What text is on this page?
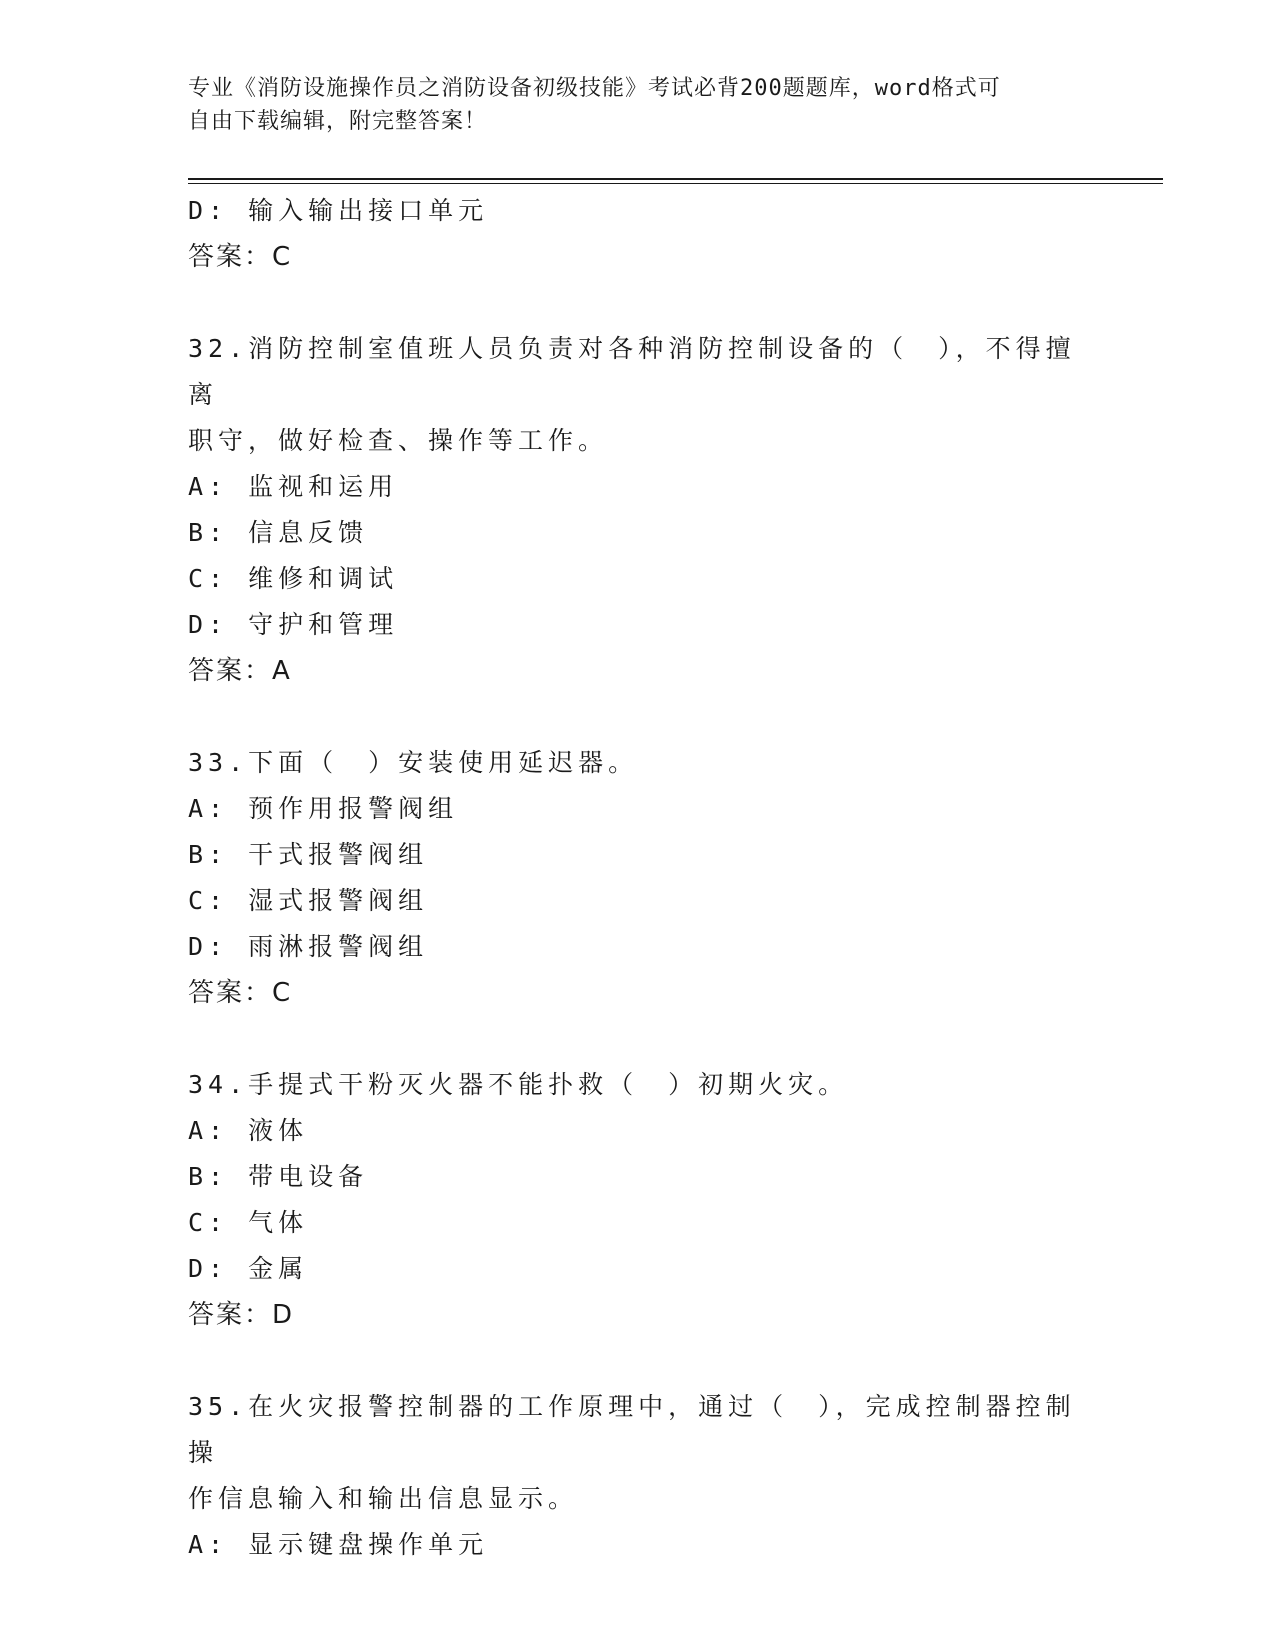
专业《消防设施操作员之消防设备初级技能》考试必背200题题库，word格式可
自由下载编辑，附完整答案！
D: 输入输出接口单元
答案：C
32.消防控制室值班人员负责对各种消防控制设备的（　），不得擅离
职守，做好检查、操作等工作。
A: 监视和运用
B: 信息反馈
C: 维修和调试
D: 守护和管理
答案：A
33.下面（　）安装使用延迟器。
A: 预作用报警阀组
B: 干式报警阀组
C: 湿式报警阀组
D: 雨淋报警阀组
答案：C
34.手提式干粉灭火器不能扑救（　）初期火灾。
A: 液体
B: 带电设备
C: 气体
D: 金属
答案：D
35.在火灾报警控制器的工作原理中，通过（　），完成控制器控制操
作信息输入和输出信息显示。
A: 显示键盘操作单元
